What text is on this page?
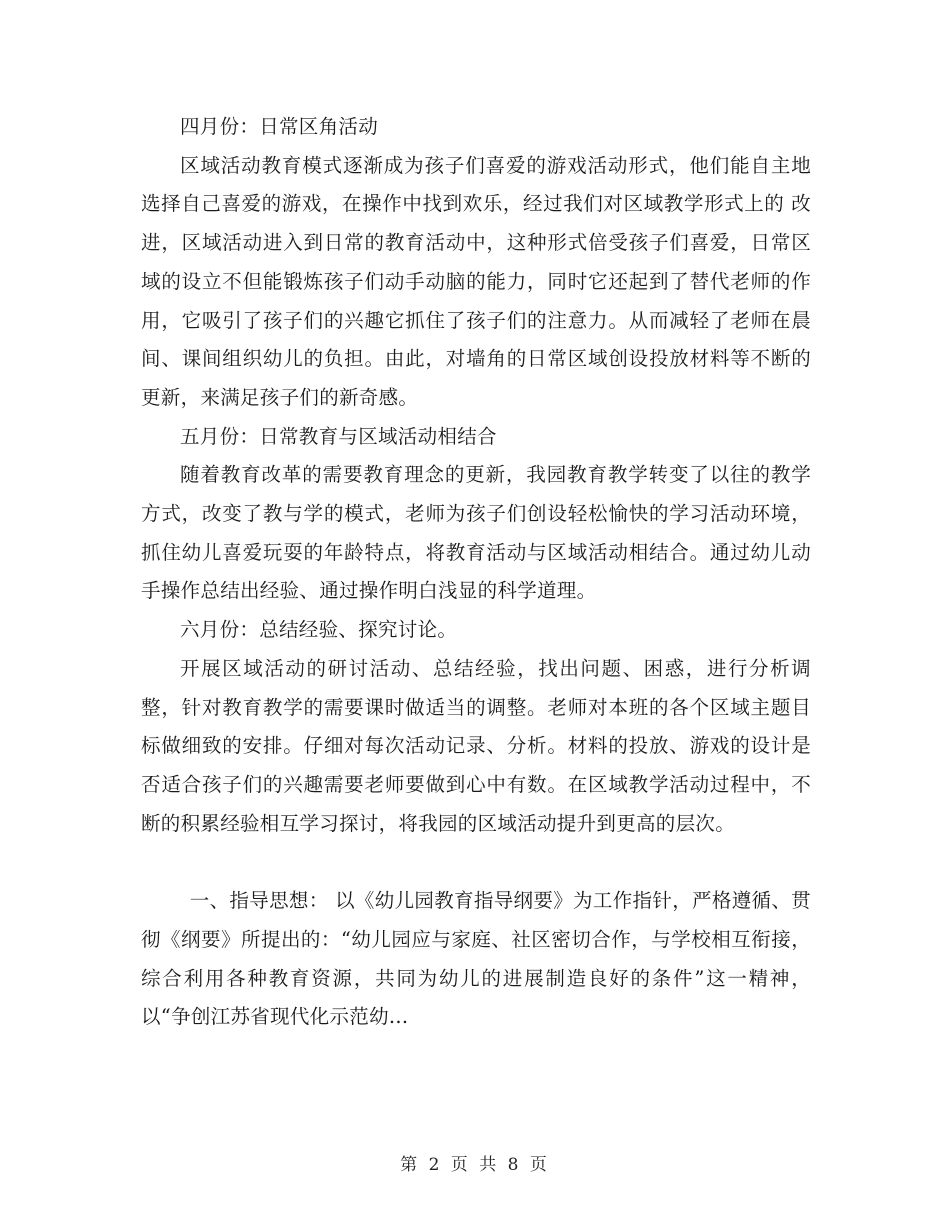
四月份：日常区角活动

区域活动教育模式逐渐成为孩子们喜爱的游戏活动形式，他们能自主地选择自己喜爱的游戏，在操作中找到欢乐，经过我们对区域教学形式上的 改进，区域活动进入到日常的教育活动中，这种形式倍受孩子们喜爱，日常区域的设立不但能锻炼孩子们动手动脑的能力，同时它还起到了替代老师的作用，它吸引了孩子们的兴趣它抓住了孩子们的注意力。从而减轻了老师在晨间、课间组织幼儿的负担。由此，对墙角的日常区域创设投放材料等不断的更新，来满足孩子们的新奇感。

五月份：日常教育与区域活动相结合

随着教育改革的需要教育理念的更新，我园教育教学转变了以往的教学方式，改变了教与学的模式，老师为孩子们创设轻松愉快的学习活动环境，抓住幼儿喜爱玩耍的年龄特点，将教育活动与区域活动相结合。通过幼儿动手操作总结出经验、通过操作明白浅显的科学道理。

六月份：总结经验、探究讨论。

开展区域活动的研讨活动、总结经验，找出问题、困惑，进行分析调整，针对教育教学的需要课时做适当的调整。老师对本班的各个区域主题目标做细致的安排。仔细对每次活动记录、分析。材料的投放、游戏的设计是否适合孩子们的兴趣需要老师要做到心中有数。在区域教学活动过程中，不断的积累经验相互学习探讨，将我园的区域活动提升到更高的层次。

一、指导思想： 以《幼儿园教育指导纲要》为工作指针，严格遵循、贯彻《纲要》所提出的：“幼儿园应与家庭、社区密切合作，与学校相互衔接，综合利用各种教育资源，共同为幼儿的进展制造良好的条件”这一精神，以“争创江苏省现代化示范幼...

第 2 页 共 8 页
